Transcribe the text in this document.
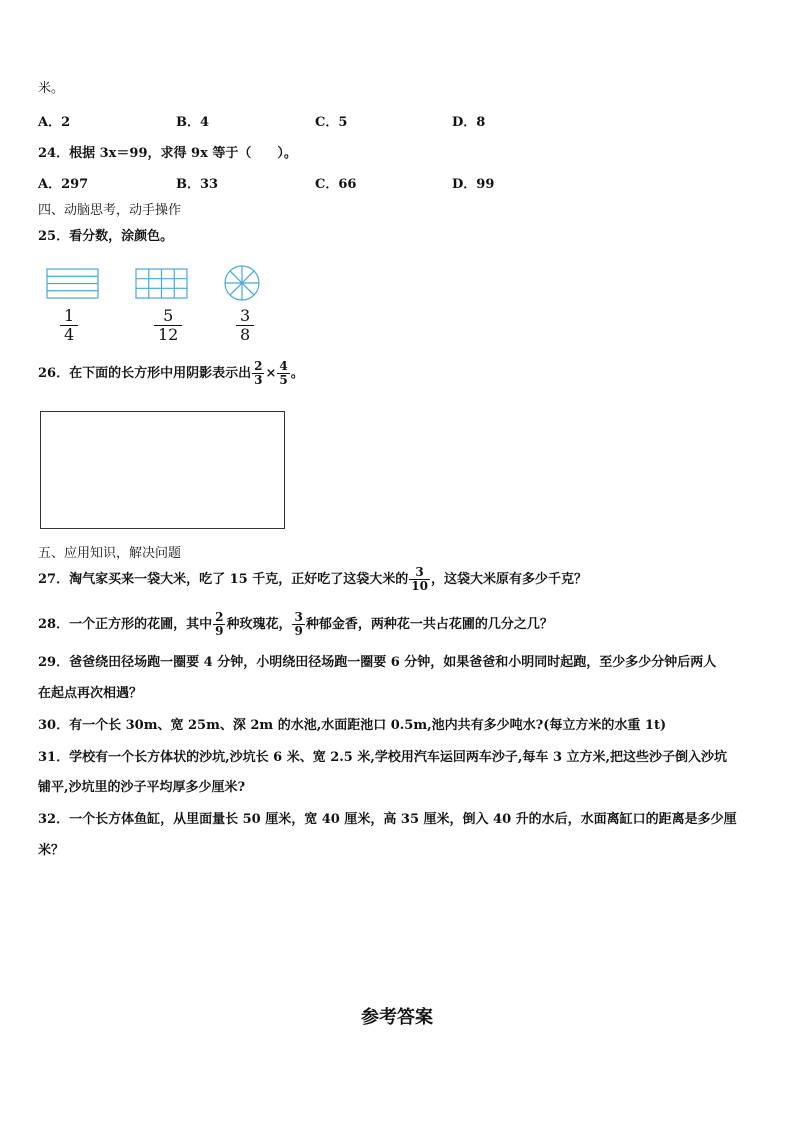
米。
A．2	B．4	C．5	D．8
24．根据 3x＝99，求得 9x 等于（　　）。
A．297	B．33	C．66	D．99
四、动脑思考，动手操作
25．看分数，涂颜色。
$\frac{1}{4}$	$\frac{5}{12}$	$\frac{3}{8}$
26．在下面的长方形中用阴影表示出 $\frac{2}{3} \times \frac{4}{5}$ 。
五、应用知识，解决问题
27．淘气家买来一袋大米，吃了 15 千克，正好吃了这袋大米的 $\frac{3}{10}$ ，这袋大米原有多少千克？
28．一个正方形的花圃，其中 $\frac{2}{9}$ 种玫瑰花， $\frac{3}{9}$ 种郁金香，两种花一共占花圃的几分之几？
29．爸爸绕田径场跑一圈要 4 分钟，小明绕田径场跑一圈要 6 分钟，如果爸爸和小明同时起跑，至少多少分钟后两人
在起点再次相遇？
30．有一个长 30m、宽 25m、深 2m 的水池,水面距池口 0.5m,池内共有多少吨水?(每立方米的水重 1t)
31．学校有一个长方体状的沙坑,沙坑长 6 米、宽 2.5 米,学校用汽车运回两车沙子,每车 3 立方米,把这些沙子倒入沙坑
铺平,沙坑里的沙子平均厚多少厘米?
32．一个长方体鱼缸，从里面量长 50 厘米，宽 40 厘米，高 35 厘米，倒入 40 升的水后，水面离缸口的距离是多少厘
米？
参考答案
